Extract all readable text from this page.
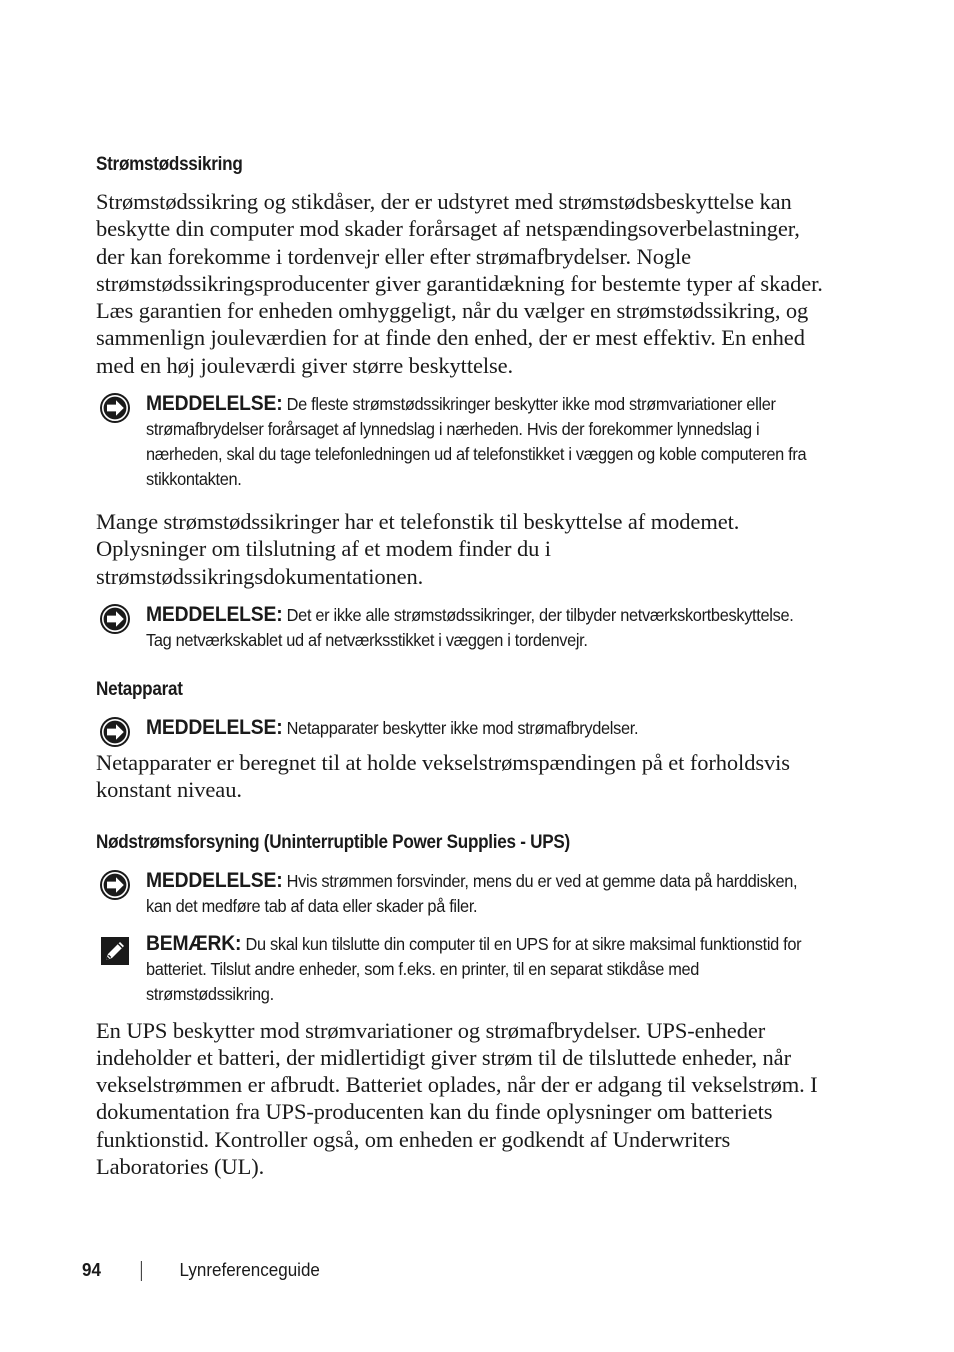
Strømstødssikring

Strømstødssikring og stikdåser, der er udstyret med strømstødsbeskyttelse kan beskytte din computer mod skader forårsaget af netspændingsoverbelastninger, der kan forekomme i tordenvejr eller efter strømafbrydelser. Nogle strømstødssikringsproducenter giver garantidækning for bestemte typer af skader. Læs garantien for enheden omhyggeligt, når du vælger en strømstødssikring, og sammenlign jouleværdien for at finde den enhed, der er mest effektiv. En enhed med en høj jouleværdi giver større beskyttelse.

MEDDELELSE: De fleste strømstødssikringer beskytter ikke mod strømvariationer eller strømafbrydelser forårsaget af lynnedslag i nærheden. Hvis der forekommer lynnedslag i nærheden, skal du tage telefonledningen ud af telefonstikket i væggen og koble computeren fra stikkontakten.

Mange strømstødssikringer har et telefonstik til beskyttelse af modemet. Oplysninger om tilslutning af et modem finder du i strømstødssikringsdokumentationen.

MEDDELELSE: Det er ikke alle strømstødssikringer, der tilbyder netværkskortbeskyttelse. Tag netværkskablet ud af netværksstikket i væggen i tordenvejr.
Netapparat
MEDDELELSE: Netapparater beskytter ikke mod strømafbrydelser.

Netapparater er beregnet til at holde vekselstrømspændingen på et forholdsvis konstant niveau.

Nødstrømsforsyning (Uninterruptible Power Supplies - UPS)
MEDDELELSE: Hvis strømmen forsvinder, mens du er ved at gemme data på harddisken, kan det medføre tab af data eller skader på filer.
BEMÆRK: Du skal kun tilslutte din computer til en UPS for at sikre maksimal funktionstid for batteriet. Tilslut andre enheder, som f.eks. en printer, til en separat stikdåse med strømstødssikring.

En UPS beskytter mod strømvariationer og strømafbrydelser. UPS-enheder indeholder et batteri, der midlertidigt giver strøm til de tilsluttede enheder, når vekselstrømmen er afbrudt. Batteriet oplades, når der er adgang til vekselstrøm. I dokumentation fra UPS-producenten kan du finde oplysninger om batteriets funktionstid. Kontroller også, om enheden er godkendt af Underwriters Laboratories (UL).

94	Lynreferenceguide
